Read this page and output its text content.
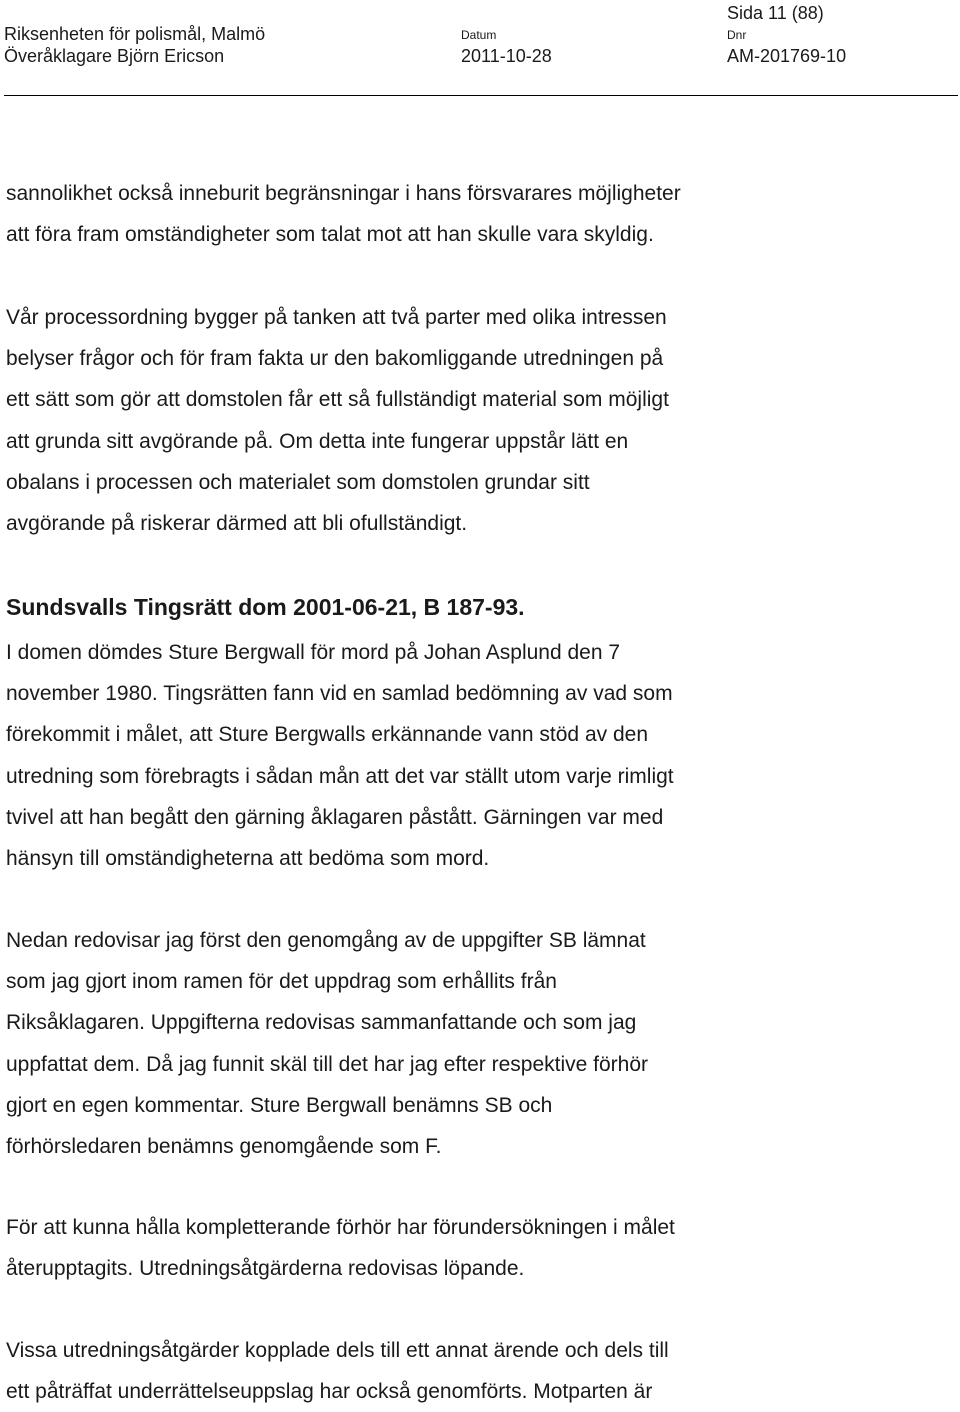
Sida 11 (88)
Riksenheten för polismål, Malmö
Överåklagare Björn Ericson
Datum
2011-10-28
Dnr
AM-201769-10
sannolikhet också inneburit begränsningar i hans försvarares möjligheter
att föra fram omständigheter som talat mot att han skulle vara skyldig.
Vår processordning bygger på tanken att två parter med olika intressen
belyser frågor och för fram fakta ur den bakomliggande utredningen på
ett sätt som gör att domstolen får ett så fullständigt material som möjligt
att grunda sitt avgörande på. Om detta inte fungerar uppstår lätt en
obalans i processen och materialet som domstolen grundar sitt
avgörande på riskerar därmed att bli ofullständigt.
Sundsvalls Tingsrätt dom 2001-06-21, B 187-93.
I domen dömdes Sture Bergwall för mord på Johan Asplund den 7
november 1980. Tingsrätten fann vid en samlad bedömning av vad som
förekommit i målet, att Sture Bergwalls erkännande vann stöd av den
utredning som förebragts i sådan mån att det var ställt utom varje rimligt
tvivel att han begått den gärning åklagaren påstått. Gärningen var med
hänsyn till omständigheterna att bedöma som mord.
Nedan redovisar jag först den genomgång av de uppgifter SB lämnat
som jag gjort inom ramen för det uppdrag som erhållits från
Riksåklagaren. Uppgifterna redovisas sammanfattande och som jag
uppfattat dem. Då jag funnit skäl till det har jag efter respektive förhör
gjort en egen kommentar. Sture Bergwall benämns SB och
förhörsledaren benämns genomgående som F.
För att kunna hålla kompletterande förhör har förundersökningen i målet
återupptagits. Utredningsåtgärderna redovisas löpande.
Vissa utredningsåtgärder kopplade dels till ett annat ärende och dels till
ett påträffat underrättelseuppslag har också genomförts. Motparten är
